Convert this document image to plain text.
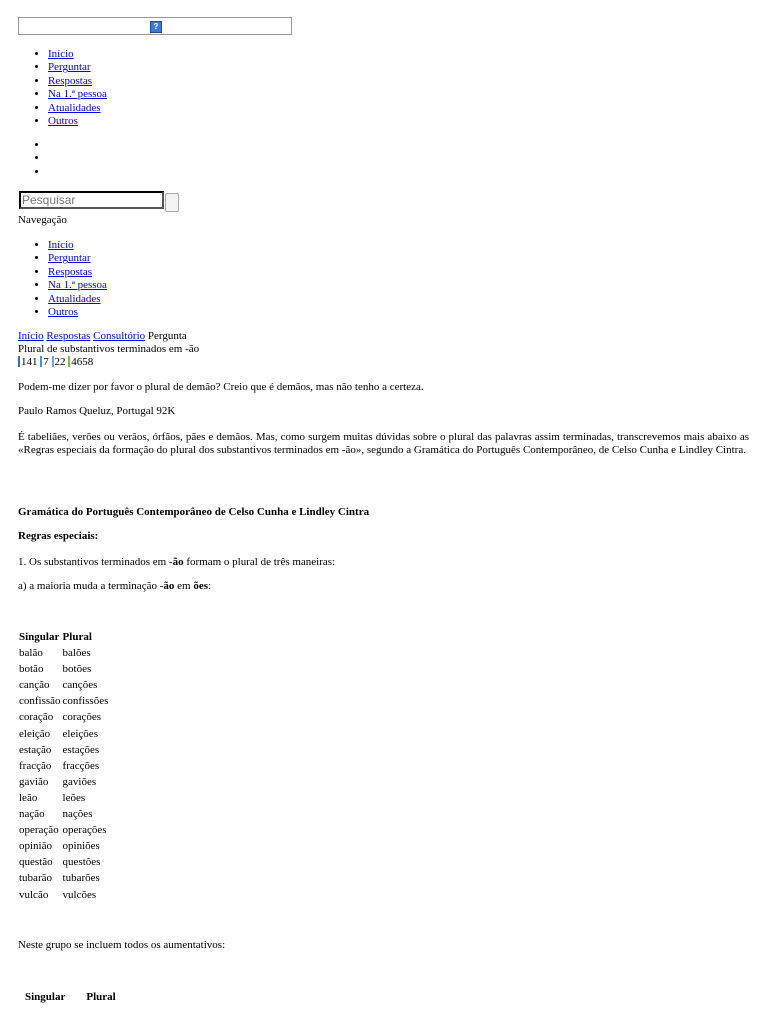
?
• Início
• Perguntar
• Respostas
• Na 1.ª pessoa
• Atualidades
• Outros
•
•
•
Pesquisar
Navegação
• Início
• Perguntar
• Respostas
• Na 1.ª pessoa
• Atualidades
• Outros
Início Respostas Consultório Pergunta
Plural de substantivos terminados em -ão
141 7 22 4658
Podem-me dizer por favor o plural de demão? Creio que é demãos, mas não tenho a certeza.
Paulo Ramos Queluz, Portugal 92K
É tabeliães, verões ou verãos, órfãos, pães e demãos. Mas, como surgem muitas dúvidas sobre o plural das palavras assim terminadas, transcrevemos mais abaixo as «Regras especiais da formação do plural dos substantivos terminados em -ão», segundo a Gramática do Português Contemporâneo, de Celso Cunha e Lindley Cintra.
Gramática do Português Contemporâneo de Celso Cunha e Lindley Cintra
Regras especiais:
1. Os substantivos terminados em -ão formam o plural de três maneiras:
a) a maioria muda a terminação -ão em ões:
Singular	Plural
balão	balões
botão	botões
canção	canções
confissão	confissões
coração	corações
eleição	eleições
estação	estações
fracção	fracções
gavião	gaviões
leão	leões
nação	nações
operação	operações
opinião	opiniões
questão	questões
tubarão	tubarões
vulcão	vulcões
Neste grupo se incluem todos os aumentativos:
Singular	Plural
